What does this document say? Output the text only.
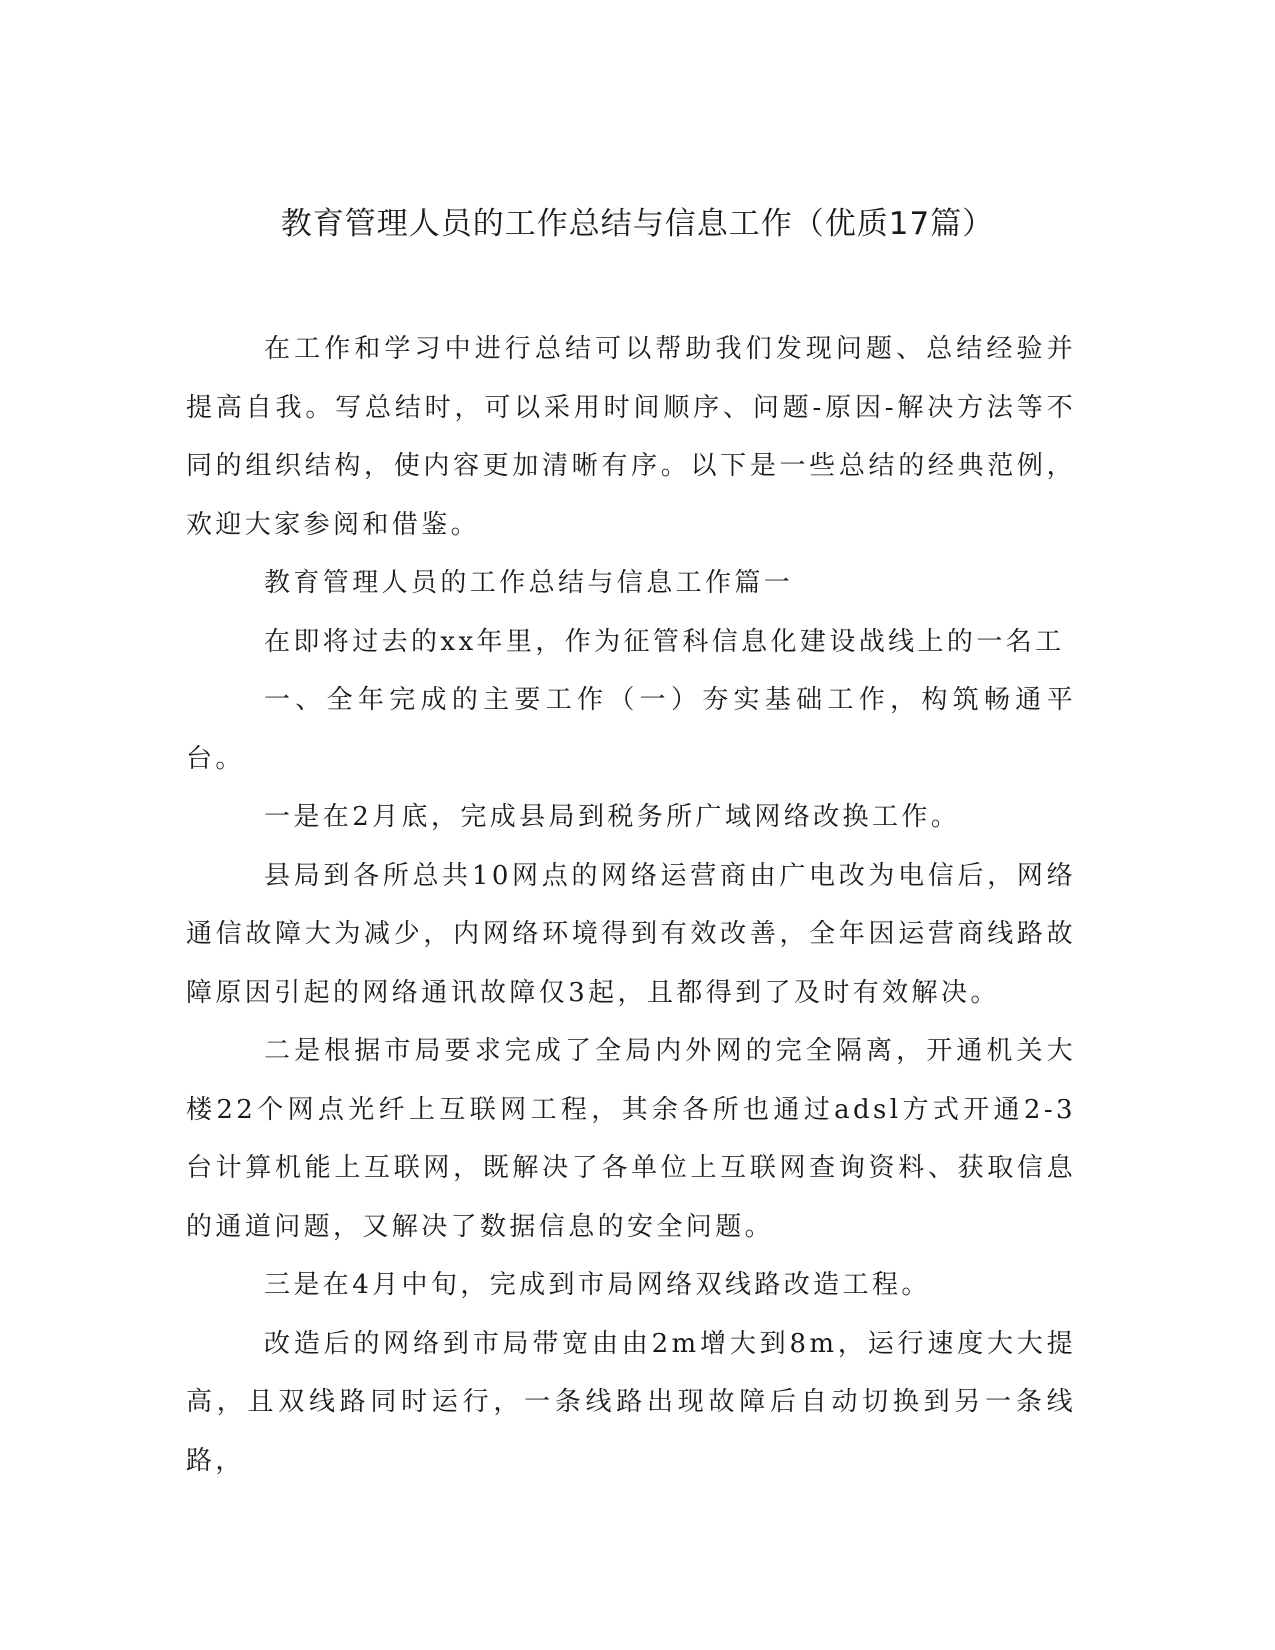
教育管理人员的工作总结与信息工作（优质17篇）

在工作和学习中进行总结可以帮助我们发现问题、总结经验并提高自我。写总结时，可以采用时间顺序、问题-原因-解决方法等不同的组织结构，使内容更加清晰有序。以下是一些总结的经典范例，欢迎大家参阅和借鉴。

教育管理人员的工作总结与信息工作篇一

在即将过去的xx年里，作为征管科信息化建设战线上的一名工

一、全年完成的主要工作（一）夯实基础工作，构筑畅通平台。

一是在2月底，完成县局到税务所广域网络改换工作。

县局到各所总共10网点的网络运营商由广电改为电信后，网络通信故障大为减少，内网络环境得到有效改善，全年因运营商线路故障原因引起的网络通讯故障仅3起，且都得到了及时有效解决。

二是根据市局要求完成了全局内外网的完全隔离，开通机关大楼22个网点光纤上互联网工程，其余各所也通过adsl方式开通2-3台计算机能上互联网，既解决了各单位上互联网查询资料、获取信息的通道问题，又解决了数据信息的安全问题。

三是在4月中旬，完成到市局网络双线路改造工程。

改造后的网络到市局带宽由由2m增大到8m，运行速度大大提高，且双线路同时运行，一条线路出现故障后自动切换到另一条线路，
